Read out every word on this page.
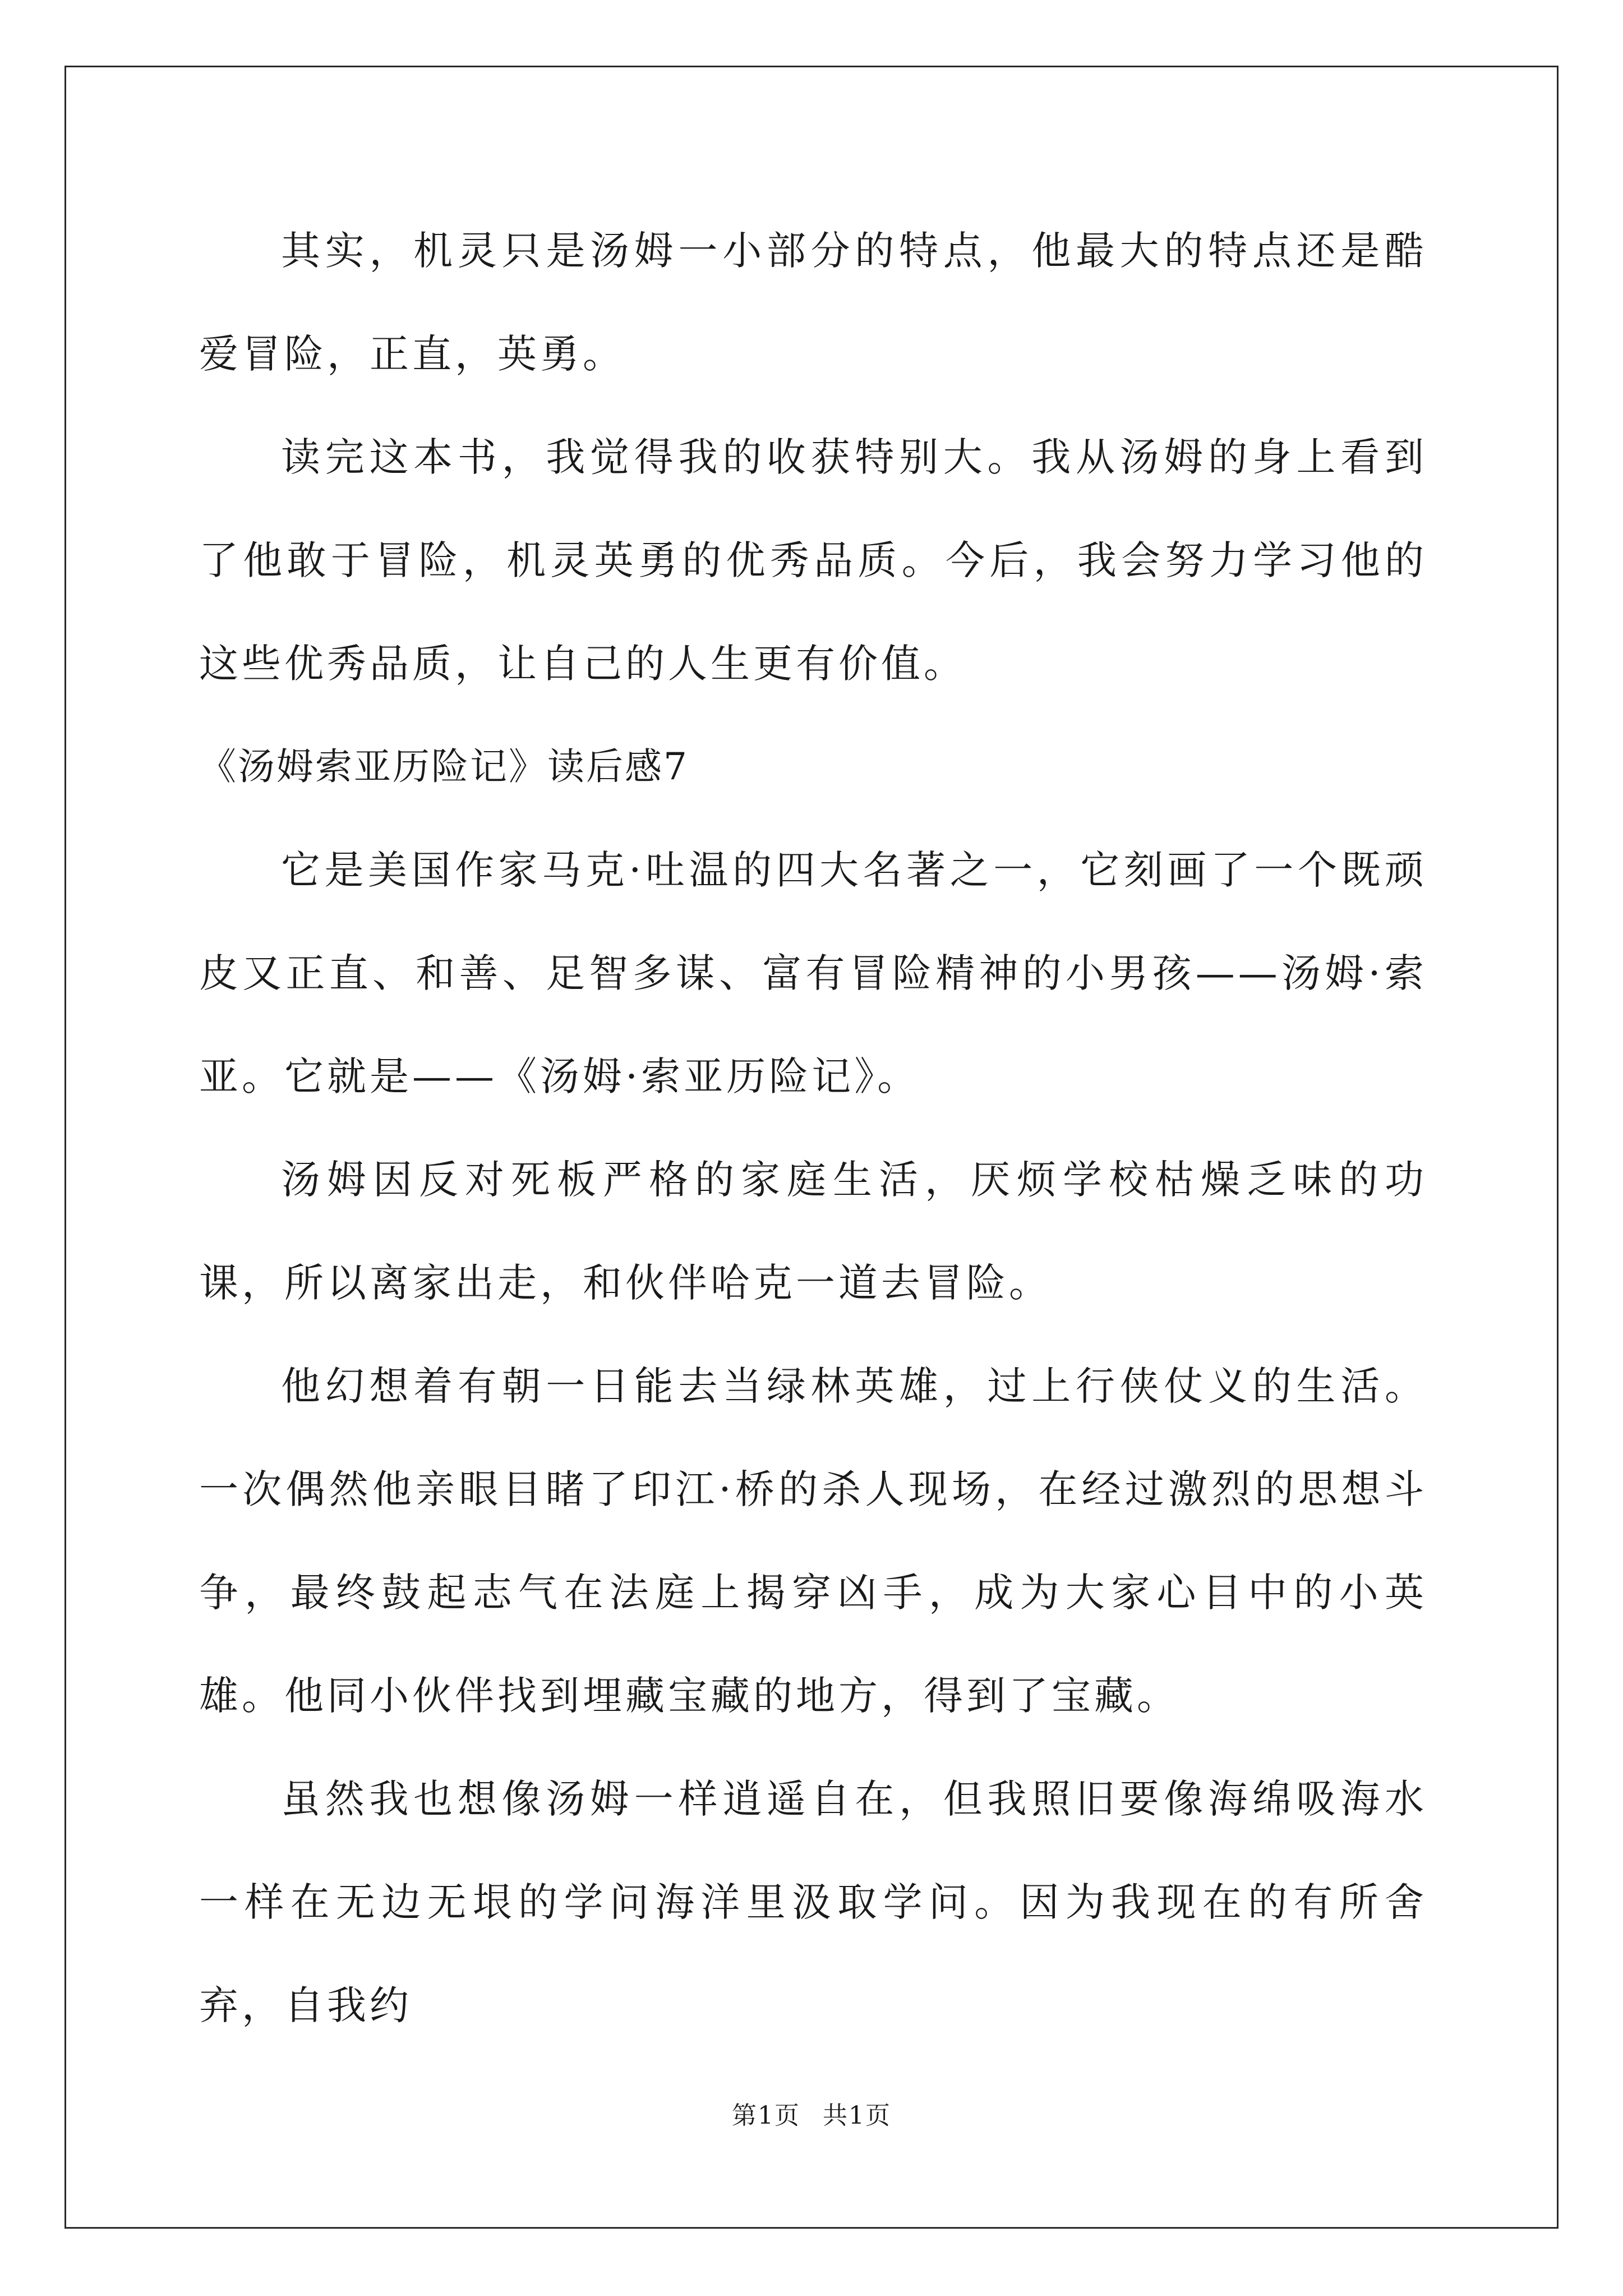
其实，机灵只是汤姆一小部分的特点，他最大的特点还是酷爱冒险，正直，英勇。

读完这本书，我觉得我的收获特别大。我从汤姆的身上看到了他敢于冒险，机灵英勇的优秀品质。今后，我会努力学习他的这些优秀品质，让自己的人生更有价值。

《汤姆索亚历险记》读后感7

它是美国作家马克·吐温的四大名著之一，它刻画了一个既顽皮又正直、和善、足智多谋、富有冒险精神的小男孩——汤姆·索亚。它就是——《汤姆·索亚历险记》。

汤姆因反对死板严格的家庭生活，厌烦学校枯燥乏味的功课，所以离家出走，和伙伴哈克一道去冒险。

他幻想着有朝一日能去当绿林英雄，过上行侠仗义的生活。一次偶然他亲眼目睹了印江·桥的杀人现场，在经过激烈的思想斗争，最终鼓起志气在法庭上揭穿凶手，成为大家心目中的小英雄。他同小伙伴找到埋藏宝藏的地方，得到了宝藏。

虽然我也想像汤姆一样逍遥自在，但我照旧要像海绵吸海水一样在无边无垠的学问海洋里汲取学问。因为我现在的有所舍弃，自我约

第1页 共1页
